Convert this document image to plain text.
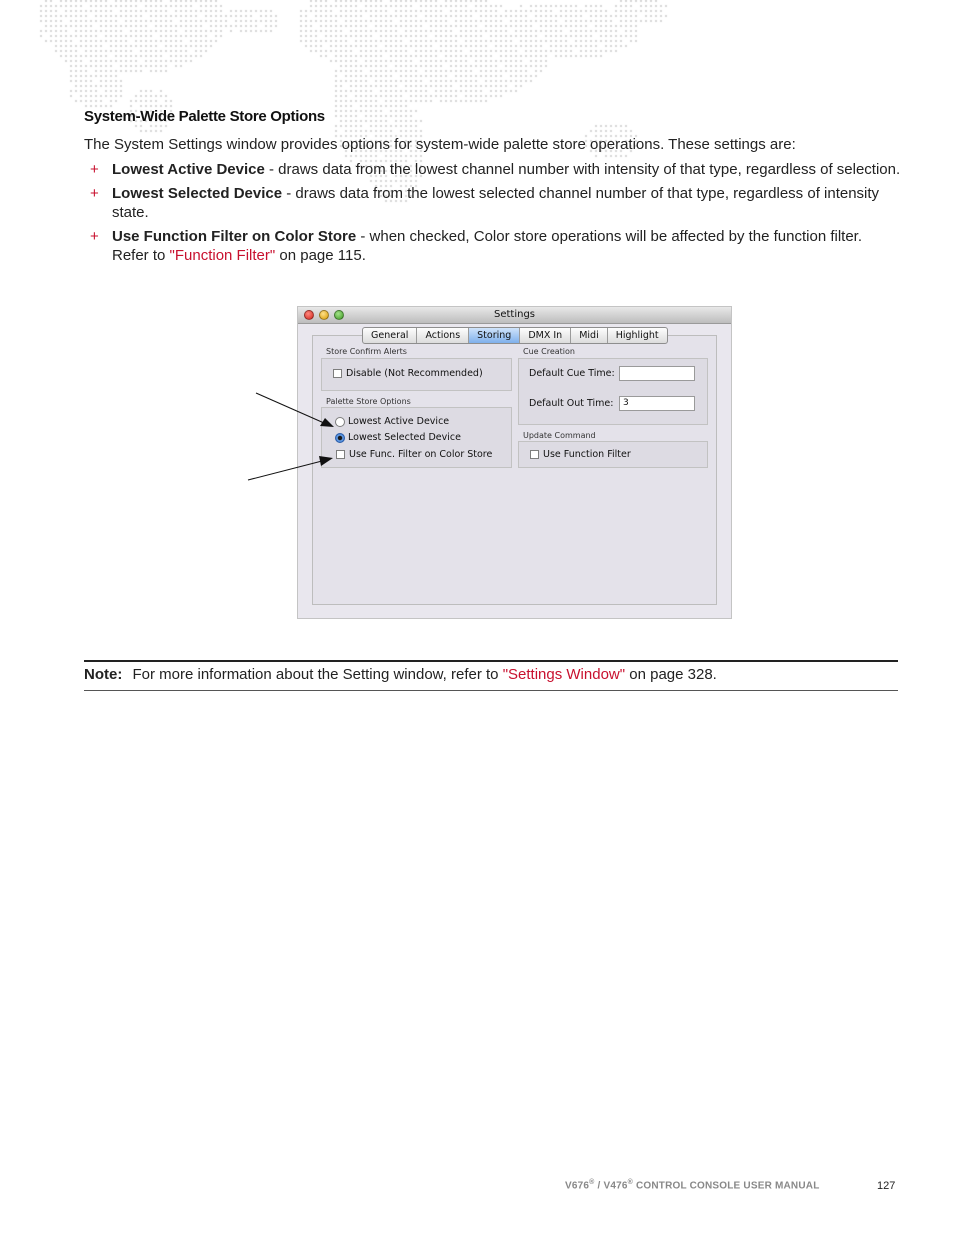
System-Wide Palette Store Options

The System Settings window provides options for system-wide palette store operations. These settings are:

+ Lowest Active Device - draws data from the lowest channel number with intensity of that type, regardless of selection.
+ Lowest Selected Device - draws data from the lowest selected channel number of that type, regardless of intensity state.
+ Use Function Filter on Color Store - when checked, Color store operations will be affected by the function filter. Refer to "Function Filter" on page 115.
Settings
General	Actions	Storing	DMX In	Midi	Highlight
Store Confirm Alerts
Disable (Not Recommended)
Palette Store Options
Lowest Active Device
Lowest Selected Device
Use Func. Filter on Color Store
Cue Creation
Default Cue Time:
Default Out Time:	3
Update Command
Use Function Filter
Note: For more information about the Setting window, refer to "Settings Window" on page 328.
V676® / V476® CONTROL CONSOLE USER MANUAL	127
